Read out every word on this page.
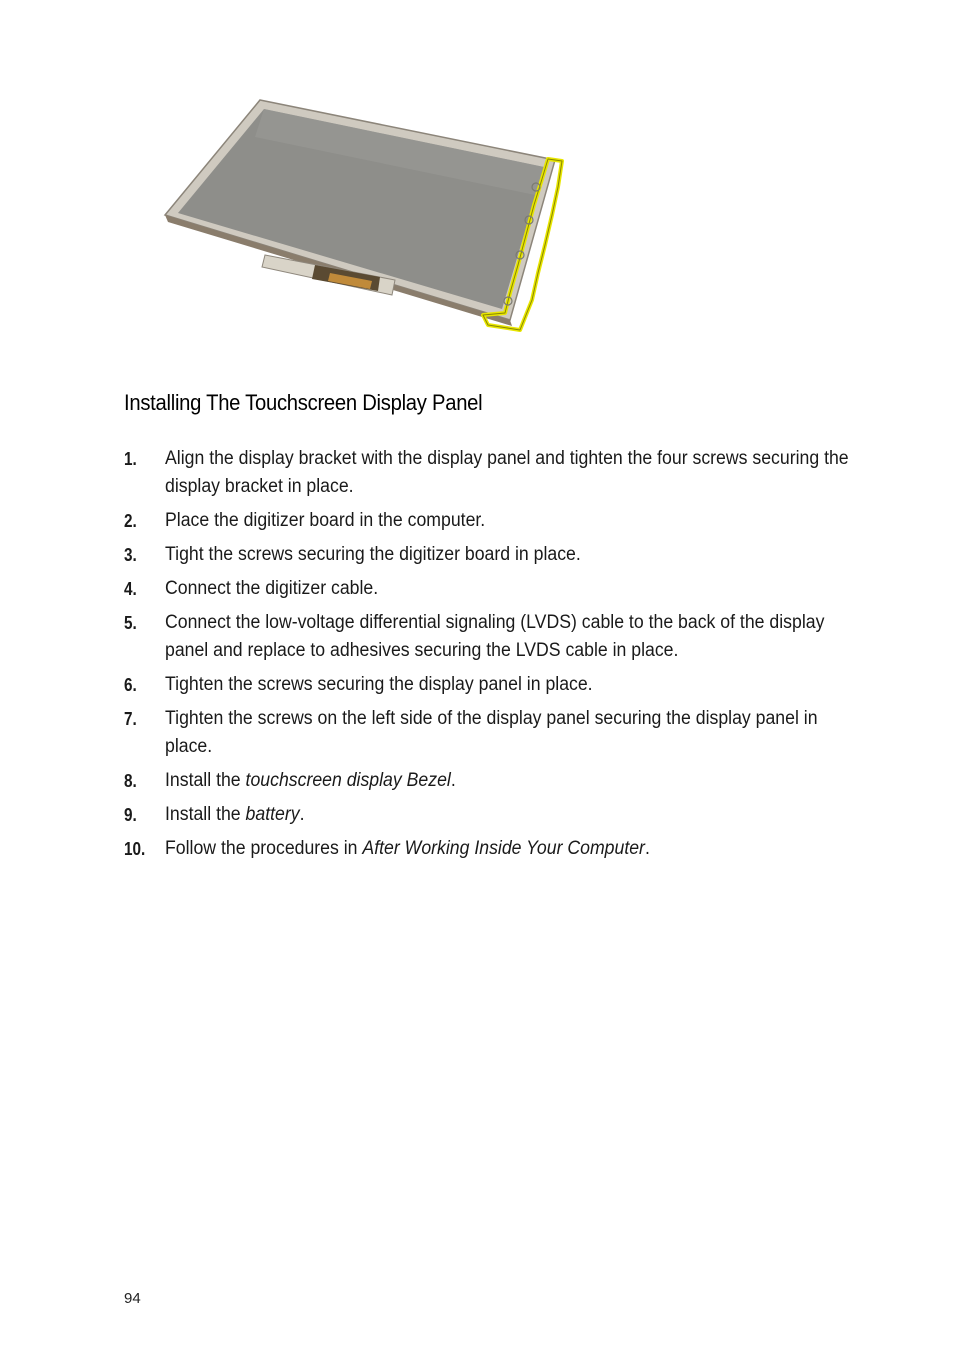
Installing The Touchscreen Display Panel
1. Align the display bracket with the display panel and tighten the four screws securing the display bracket in place.
2. Place the digitizer board in the computer.
3. Tight the screws securing the digitizer board in place.
4. Connect the digitizer cable.
5. Connect the low-voltage differential signaling (LVDS) cable to the back of the display panel and replace to adhesives securing the LVDS cable in place.
6. Tighten the screws securing the display panel in place.
7. Tighten the screws on the left side of the display panel securing the display panel in place.
8. Install the touchscreen display Bezel.
9. Install the battery.
10. Follow the procedures in After Working Inside Your Computer.
94
